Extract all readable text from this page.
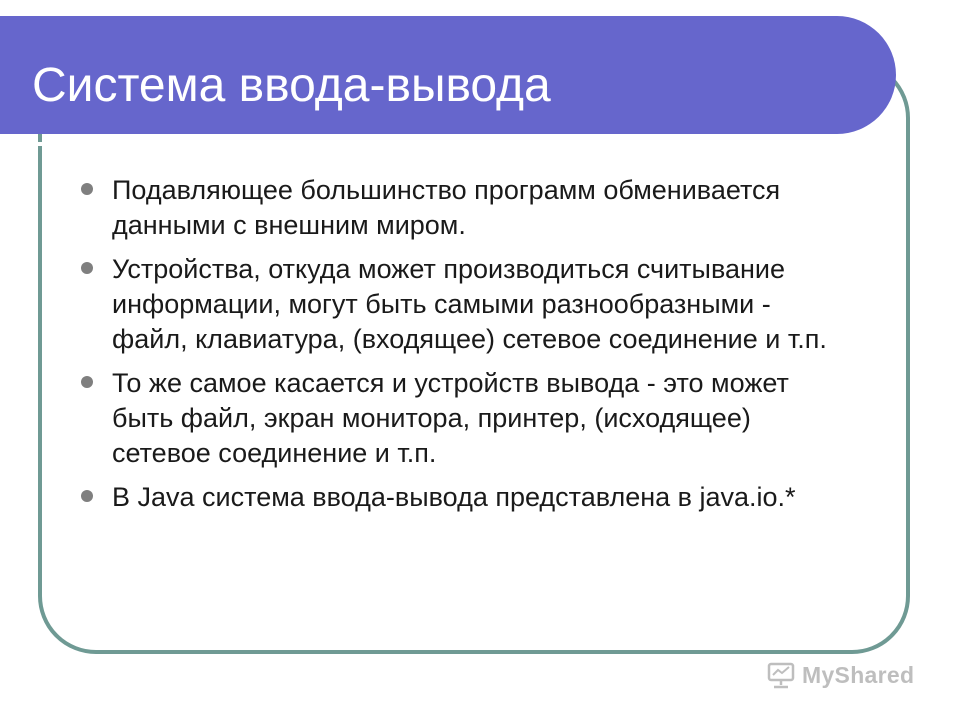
Система ввода-вывода
Подавляющее большинство программ обменивается данными с внешним миром.
Устройства, откуда может производиться считывание информации, могут быть самыми разнообразными - файл, клавиатура, (входящее) сетевое соединение и т.п.
То же самое касается и устройств вывода - это может быть файл, экран монитора, принтер, (исходящее) сетевое соединение и т.п.
В Java система ввода-вывода представлена в java.io.*
MyShared
